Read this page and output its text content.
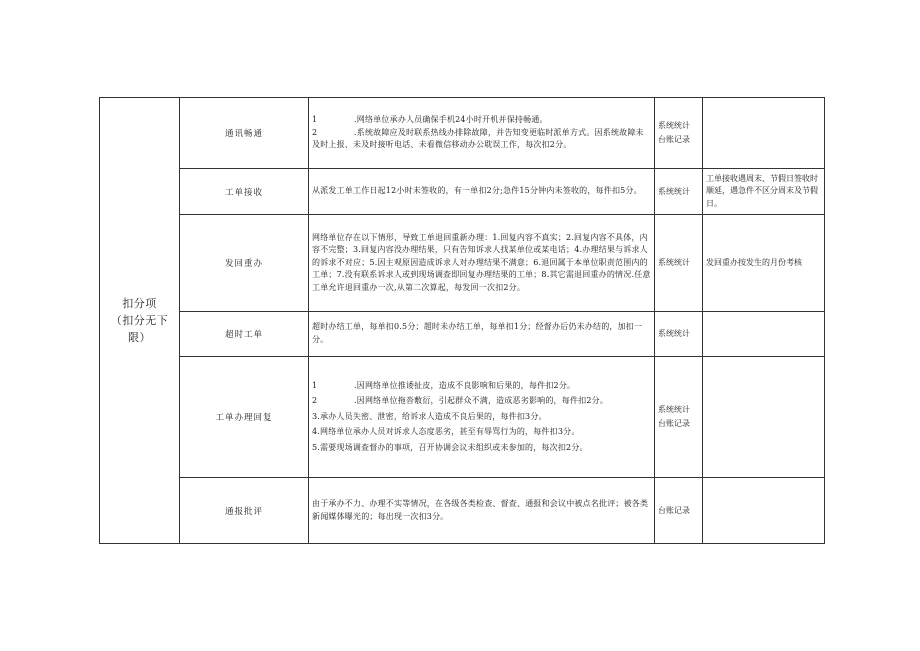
扣分项
（扣分无下限）	通讯畅通	1 .网络单位承办人员确保手机24小时开机并保持畅通。
2 .系统故障应及时联系热线办排除故障，并告知变更临时派单方式。因系统故障未及时上报、未及时接听电话、未看微信移动办公耽误工作，每次扣2分。	系统统计
台账记录	

	工单接收	从派发工单工作日起12小时未签收的，有一单扣2分;急件15分钟内未签收的，每件扣5分。	系统统计	工单接收遇周末、节假日签收时顺延，遇急件不区分周末及节假日。
	发回重办	网络单位存在以下情形，导致工单退回重新办理：1.回复内容不真实；2.回复内容不具体，内容不完整；3.回复内容没办理结果，只有告知诉求人找某单位或某电话；4.办理结果与诉求人的诉求不对应；5.因主观原因造成诉求人对办理结果不满意；6.退回属于本单位职责范围内的工单；7.没有联系诉求人或到现场调查即回复办理结果的工单；8.其它需退回重办的情况.任意工单允许退回重办一次,从第二次算起，每发回一次扣2分。	系统统计	发回重办按发生的月份考核
	超时工单	超时办结工单，每单扣0.5分；超时未办结工单，每单扣1分；经督办后仍未办结的，加扣一分。	系统统计	

	工单办理回复	1 .因网络单位推诿扯皮，造成不良影响和后果的，每件扣2分。
2 .因网络单位拖沓敷衍，引起群众不满，造成恶劣影响的，每件扣2分。
3.承办人员失密、泄密，给诉求人造成不良后果的，每件扣3分。
4.网络单位承办人员对诉求人态度恶劣，甚至有辱骂行为的，每件扣3分。
5.需要现场调查督办的事项，召开协调会议未组织或未参加的，每次扣2分。	系统统计
台账记录	

	通报批评	由于承办不力、办理不实等情况，在各级各类检查、督查、通报和会议中被点名批评；被各类新闻媒体曝光的；每出现一次扣3分。	台账记录	
